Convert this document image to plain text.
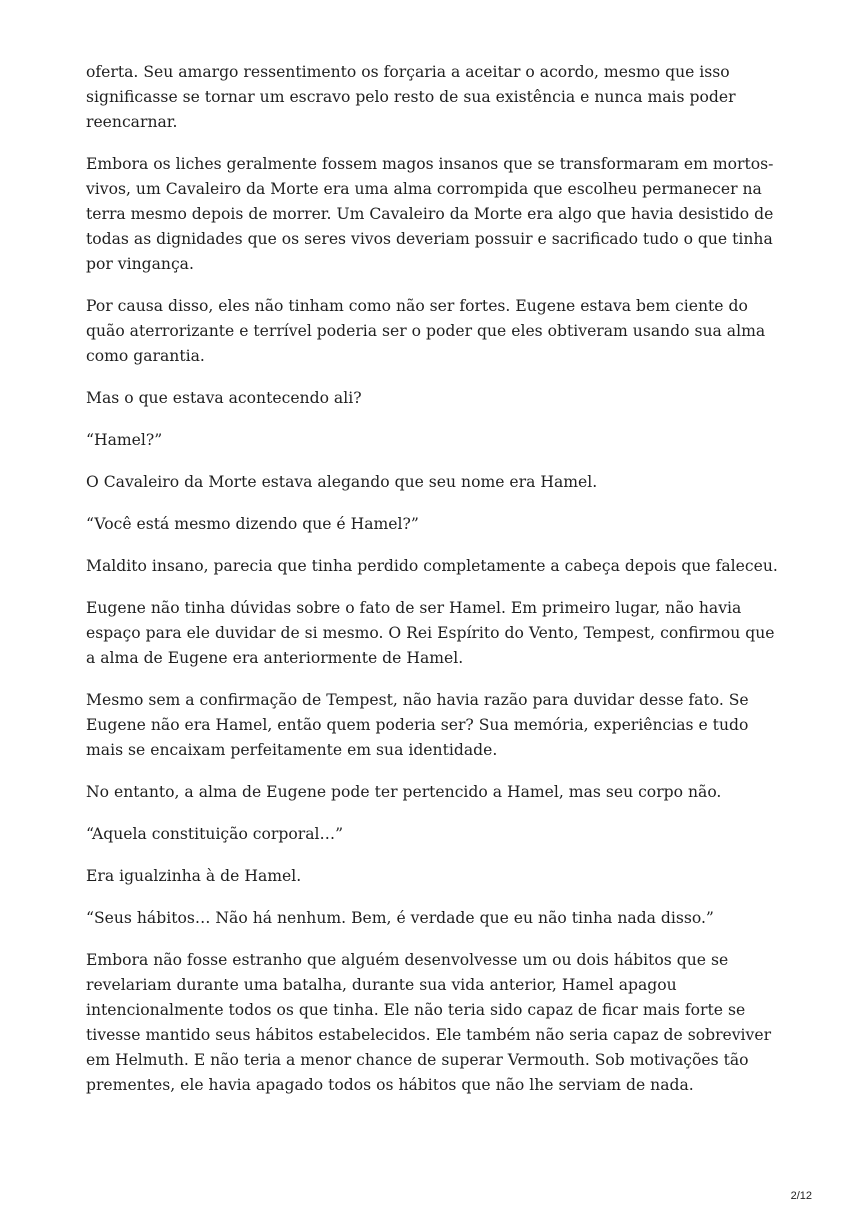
oferta. Seu amargo ressentimento os forçaria a aceitar o acordo, mesmo que isso significasse se tornar um escravo pelo resto de sua existência e nunca mais poder reencarnar.

Embora os liches geralmente fossem magos insanos que se transformaram em mortos-vivos, um Cavaleiro da Morte era uma alma corrompida que escolheu permanecer na terra mesmo depois de morrer. Um Cavaleiro da Morte era algo que havia desistido de todas as dignidades que os seres vivos deveriam possuir e sacrificado tudo o que tinha por vingança.

Por causa disso, eles não tinham como não ser fortes. Eugene estava bem ciente do quão aterrorizante e terrível poderia ser o poder que eles obtiveram usando sua alma como garantia.

Mas o que estava acontecendo ali?

“Hamel?”

O Cavaleiro da Morte estava alegando que seu nome era Hamel.

“Você está mesmo dizendo que é Hamel?”

Maldito insano, parecia que tinha perdido completamente a cabeça depois que faleceu.

Eugene não tinha dúvidas sobre o fato de ser Hamel. Em primeiro lugar, não havia espaço para ele duvidar de si mesmo. O Rei Espírito do Vento, Tempest, confirmou que a alma de Eugene era anteriormente de Hamel.

Mesmo sem a confirmação de Tempest, não havia razão para duvidar desse fato. Se Eugene não era Hamel, então quem poderia ser? Sua memória, experiências e tudo mais se encaixam perfeitamente em sua identidade.

No entanto, a alma de Eugene pode ter pertencido a Hamel, mas seu corpo não.

“Aquela constituição corporal…”

Era igualzinha à de Hamel.

“Seus hábitos… Não há nenhum. Bem, é verdade que eu não tinha nada disso.”

Embora não fosse estranho que alguém desenvolvesse um ou dois hábitos que se revelariam durante uma batalha, durante sua vida anterior, Hamel apagou intencionalmente todos os que tinha. Ele não teria sido capaz de ficar mais forte se tivesse mantido seus hábitos estabelecidos. Ele também não seria capaz de sobreviver em Helmuth. E não teria a menor chance de superar Vermouth. Sob motivações tão prementes, ele havia apagado todos os hábitos que não lhe serviam de nada.

2/12
